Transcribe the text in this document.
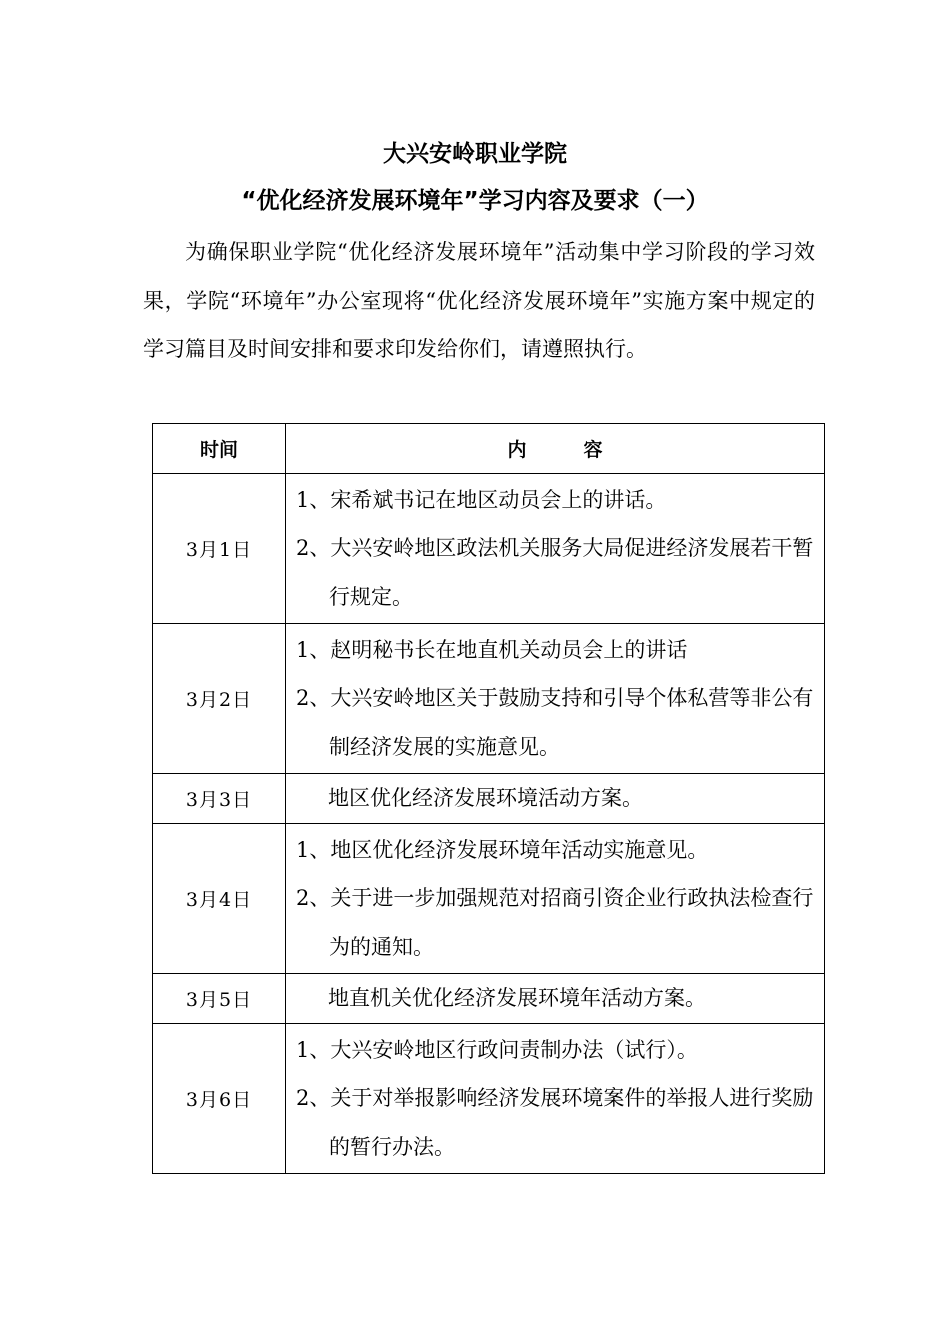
大兴安岭职业学院
“优化经济发展环境年”学习内容及要求（一）

为确保职业学院“优化经济发展环境年”活动集中学习阶段的学习效果，学院“环境年”办公室现将“优化经济发展环境年”实施方案中规定的学习篇目及时间安排和要求印发给你们，请遵照执行。

时间	内　　　容
3月1日	1、宋希斌书记在地区动员会上的讲话。
2、大兴安岭地区政法机关服务大局促进经济发展若干暂行规定。

3月2日	1、赵明秘书长在地直机关动员会上的讲话
2、大兴安岭地区关于鼓励支持和引导个体私营等非公有制经济发展的实施意见。

3月3日	地区优化经济发展环境活动方案。

3月4日	1、地区优化经济发展环境年活动实施意见。
2、关于进一步加强规范对招商引资企业行政执法检查行为的通知。

3月5日	地直机关优化经济发展环境年活动方案。

3月6日	1、大兴安岭地区行政问责制办法（试行）。
2、关于对举报影响经济发展环境案件的举报人进行奖励的暂行办法。
